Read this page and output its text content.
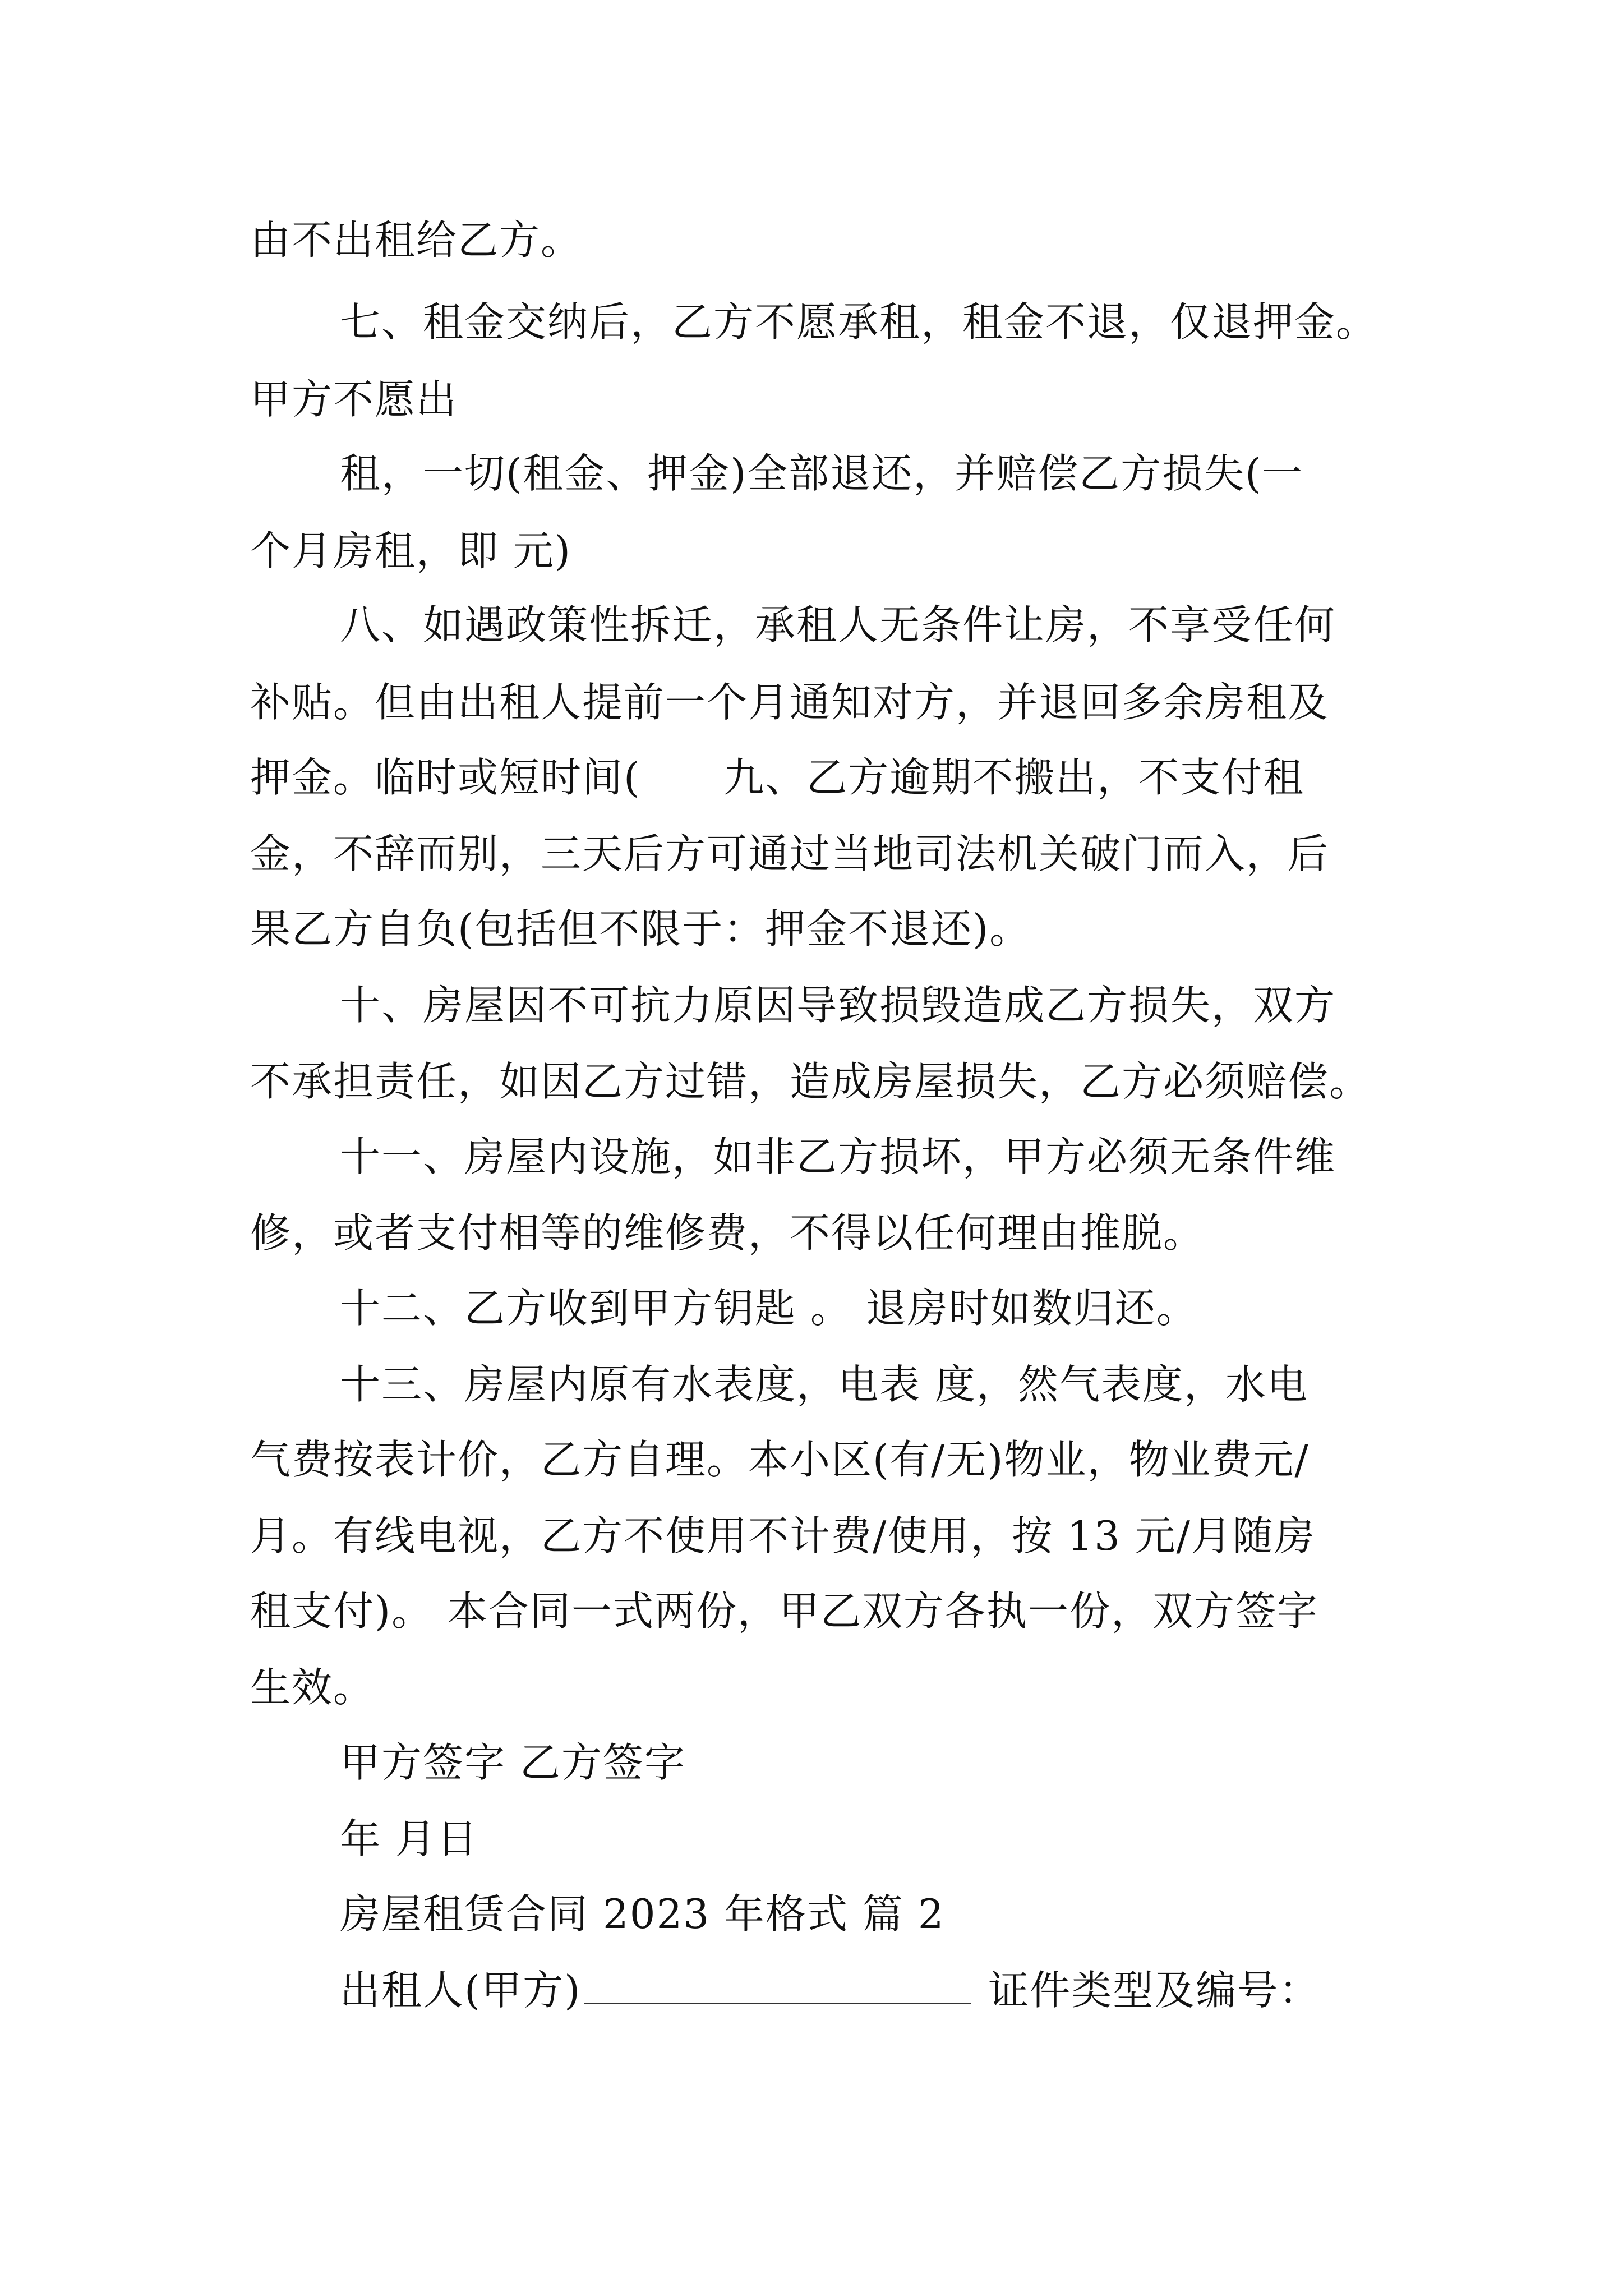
由不出租给乙方。
七、租金交纳后，乙方不愿承租，租金不退，仅退押金。
甲方不愿出
租，一切(租金、押金)全部退还，并赔偿乙方损失(一
个月房租，即 元)
八、如遇政策性拆迁，承租人无条件让房，不享受任何
补贴。但由出租人提前一个月通知对方，并退回多余房租及
押金。临时或短时间(　　九、乙方逾期不搬出，不支付租
金，不辞而别，三天后方可通过当地司法机关破门而入，后
果乙方自负(包括但不限于：押金不退还)。
十、房屋因不可抗力原因导致损毁造成乙方损失，双方
不承担责任，如因乙方过错，造成房屋损失，乙方必须赔偿。
十一、房屋内设施，如非乙方损坏，甲方必须无条件维
修，或者支付相等的维修费，不得以任何理由推脱。
十二、乙方收到甲方钥匙 。 退房时如数归还。
十三、房屋内原有水表度，电表 度，然气表度，水电
气费按表计价，乙方自理。本小区(有/无)物业，物业费元/
月。有线电视，乙方不使用不计费/使用，按 13 元/月随房
租支付)。 本合同一式两份，甲乙双方各执一份，双方签字
生效。
甲方签字 乙方签字
年 月日
房屋租赁合同 2023 年格式 篇 2
出租人(甲方)	证件类型及编号：
